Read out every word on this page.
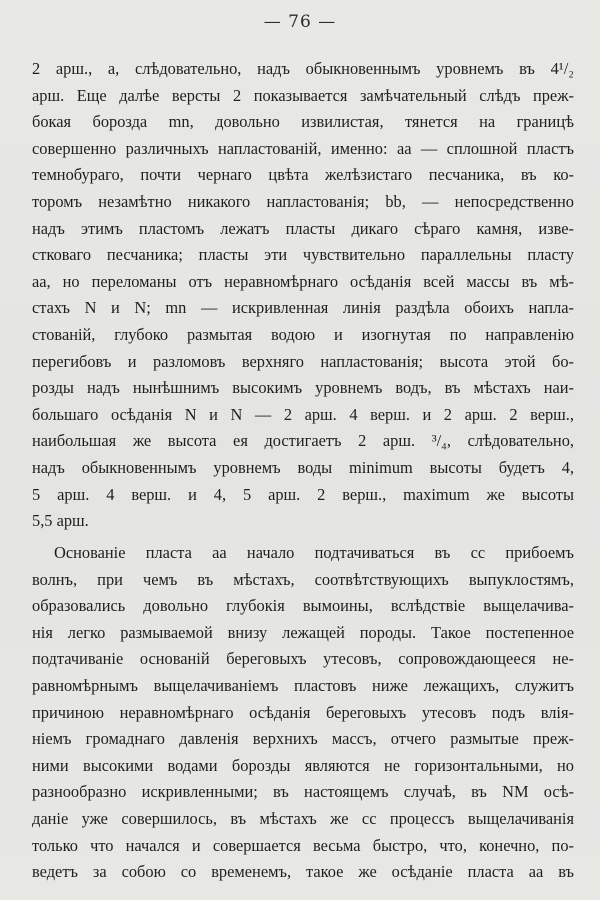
— 76 —
2 арш., а, слѣдовательно, надъ обыкновеннымъ уровнемъ въ 4¹/₂
арш. Еще далѣе версты 2 показывается замѣчательный слѣдъ преж-
бокая борозда mn, довольно извилистая, тянется на границѣ
совершенно различныхъ напластованій, именно: aa — сплошной пластъ
темнобураго, почти чернаго цвѣта желѣзистаго песчаника, въ ко-
торомъ незамѣтно никакого напластованія; bb, — непосредственно
надъ этимъ пластомъ лежатъ пласты дикаго сѣраго камня, изве-
стковаго песчаника; пласты эти чувствительно параллельны пласту
aa, но переломаны отъ неравномѣрнаго осѣданія всей массы въ мѣ-
стахъ N и N; mn — искривленная линія раздѣла обоихъ напла-
стованій, глубоко размытая водою и изогнутая по направленію
перегибовъ и разломовъ верхняго напластованія; высота этой бо-
розды надъ нынѣшнимъ высокимъ уровнемъ водъ, въ мѣстахъ наи-
большаго осѣданія N и N — 2 арш. 4 верш. и 2 арш. 2 верш.,
наибольшая же высота ея достигаетъ 2 арш. ³/₄, слѣдовательно,
надъ обыкновеннымъ уровнемъ воды minimum высоты будетъ 4,
5 арш. 4 верш. и 4, 5 арш. 2 верш., maximum же высоты
5,5 арш.
Основаніе пласта aa начало подтачиваться въ cc прибоемъ
волнъ, при чемъ въ мѣстахъ, соотвѣтствующихъ выпуклостямъ,
образовались довольно глубокія вымоины, вслѣдствіе выщелачива-
нія легко размываемой внизу лежащей породы. Такое постепенное
подтачиваніе основаній береговыхъ утесовъ, сопровождающееся не-
равномѣрнымъ выщелачиваніемъ пластовъ ниже лежащихъ, служитъ
причиною неравномѣрнаго осѣданія береговыхъ утесовъ подъ влія-
ніемъ громаднаго давленія верхнихъ массъ, отчего размытые преж-
ними высокими водами борозды являются не горизонтальными, но
разнообразно искривленными; въ настоящемъ случаѣ, въ NM осѣ-
даніе уже совершилось, въ мѣстахъ же cc процессъ выщелачиванія
только что начался и совершается весьма быстро, что, конечно, по-
ведетъ за собою со временемъ, такое же осѣданіе пласта aa въ
